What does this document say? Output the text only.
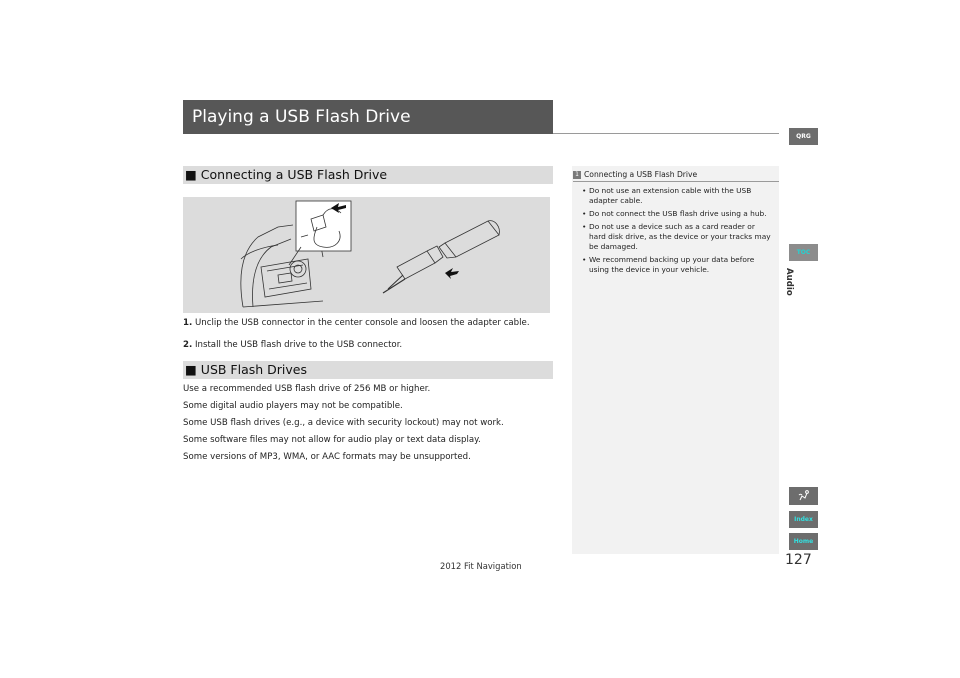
Playing a USB Flash Drive
■ Connecting a USB Flash Drive
1. Unclip the USB connector in the center console and loosen the adapter cable.
2. Install the USB flash drive to the USB connector.
■ USB Flash Drives
Use a recommended USB flash drive of 256 MB or higher.
Some digital audio players may not be compatible.
Some USB flash drives (e.g., a device with security lockout) may not work.
Some software files may not allow for audio play or text data display.
Some versions of MP3, WMA, or AAC formats may be unsupported.
1 Connecting a USB Flash Drive
• Do not use an extension cable with the USB adapter cable.
• Do not connect the USB flash drive using a hub.
• Do not use a device such as a card reader or hard disk drive, as the device or your tracks may be damaged.
• We recommend backing up your data before using the device in your vehicle.
QRG
TOC
Audio
Index
Home
127
2012 Fit Navigation
